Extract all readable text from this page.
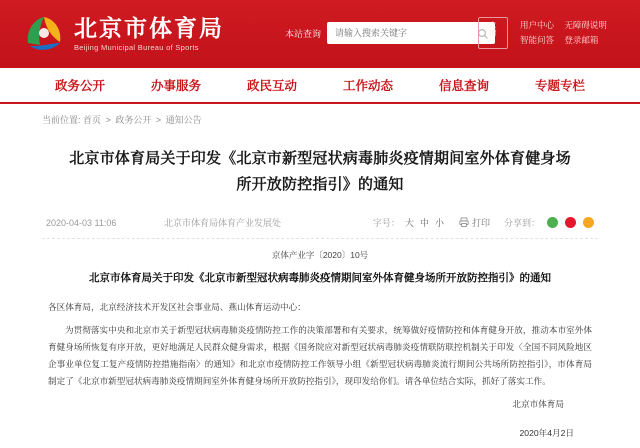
北京市体育局
Beijing Municipal Bureau of Sports
本站查询
请输入搜索关键字
之
窗
用户中心 无障碍说明
智能问答 登录邮箱
政务公开	办事服务	政民互动	工作动态	信息查询	专题专栏
当前位置: 首页 > 政务公开 > 通知公告
北京市体育局关于印发《北京市新型冠状病毒肺炎疫情期间室外体育健身场所开放防控指引》的通知
2020-04-03 11:06	北京市体育局体育产业发展处	字号： 大 中 小	打印 分享到：
京体产业字〔2020〕10号
北京市体育局关于印发《北京市新型冠状病毒肺炎疫情期间室外体育健身场所开放防控指引》的通知

各区体育局，北京经济技术开发区社会事业局、燕山体育运动中心：

为贯彻落实中央和北京市关于新型冠状病毒肺炎疫情防控工作的决策部署和有关要求，统筹做好疫情防控和体育健身开放，推动本市室外体育健身场所恢复有序开放，更好地满足人民群众健身需求，根据《国务院应对新型冠状病毒肺炎疫情联防联控机制关于印发〈全国不同风险地区企事业单位复工复产疫情防控措施指南〉的通知》和北京市疫情防控工作领导小组《新型冠状病毒肺炎流行期间公共场所防控指引》，市体育局制定了《北京市新型冠状病毒肺炎疫情期间室外体育健身场所开放防控指引》，现印发给你们。请各单位结合实际，抓好了落实工作。

北京市体育局
2020年4月2日
